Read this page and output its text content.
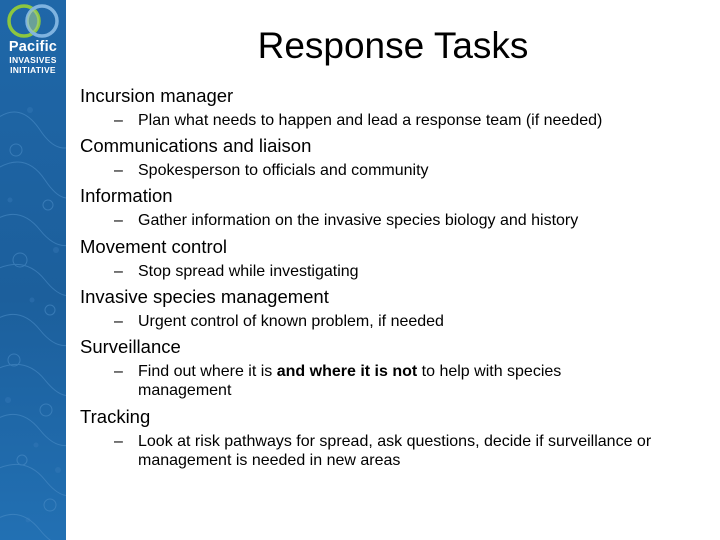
Pacific
INVASIVES
INITIATIVE
Response Tasks
Incursion manager
– Plan what needs to happen and lead a response team (if needed)
Communications and liaison
– Spokesperson to officials and community
Information
– Gather information on the invasive species biology and history
Movement control
– Stop spread while investigating
Invasive species management
– Urgent control of known problem, if needed
Surveillance
– Find out where it is and where it is not to help with species management
Tracking
– Look at risk pathways for spread, ask questions, decide if surveillance or management is needed in new areas
